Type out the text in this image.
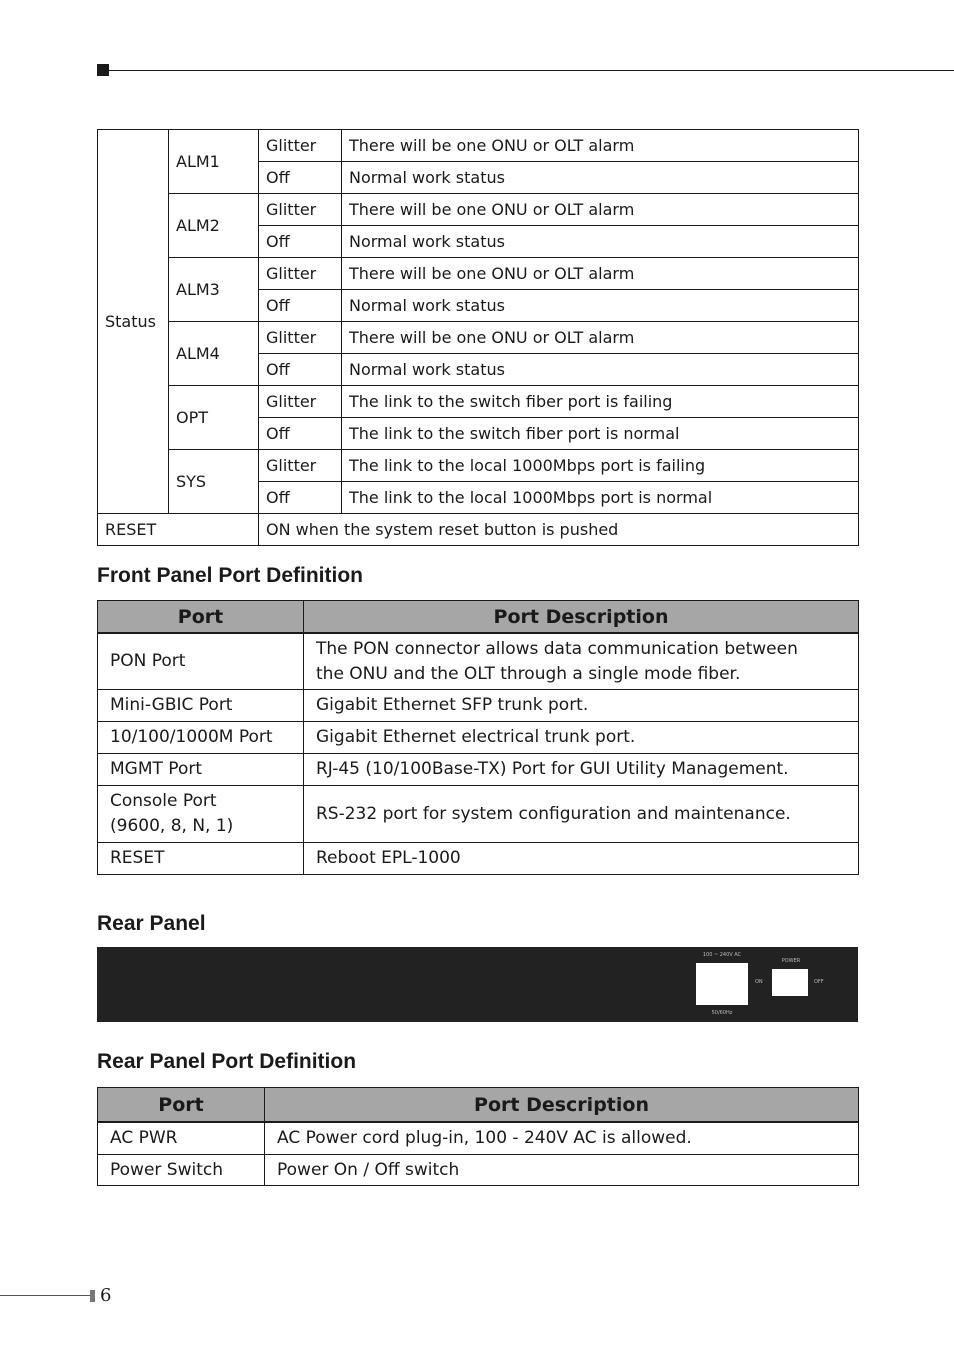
Status	ALM1	Glitter	There will be one ONU or OLT alarm
		Off	Normal work status
	ALM2	Glitter	There will be one ONU or OLT alarm
		Off	Normal work status
	ALM3	Glitter	There will be one ONU or OLT alarm
		Off	Normal work status
	ALM4	Glitter	There will be one ONU or OLT alarm
		Off	Normal work status
	OPT	Glitter	The link to the switch fiber port is failing
		Off	The link to the switch fiber port is normal
	SYS	Glitter	The link to the local 1000Mbps port is failing
		Off	The link to the local 1000Mbps port is normal
RESET		ON when the system reset button is pushed	
Front Panel Port Definition
Port	Port Description

PON Port	The PON connector allows data communication between
the ONU and the OLT through a single mode fiber.

Mini-GBIC Port	Gigabit Ethernet SFP trunk port.

10/100/1000M Port	Gigabit Ethernet electrical trunk port.

MGMT Port	RJ-45 (10/100Base-TX) Port for GUI Utility Management.

Console Port
(9600, 8, N, 1)	RS-232 port for system configuration and maintenance.

RESET	Reboot EPL-1000
Rear Panel
100 ~ 240V AC
50/60Hz
POWER
ON	OFF
Rear Panel Port Definition
Port	Port Description

AC PWR	AC Power cord plug-in, 100 - 240V AC is allowed.

Power Switch	Power On / Off switch
6
